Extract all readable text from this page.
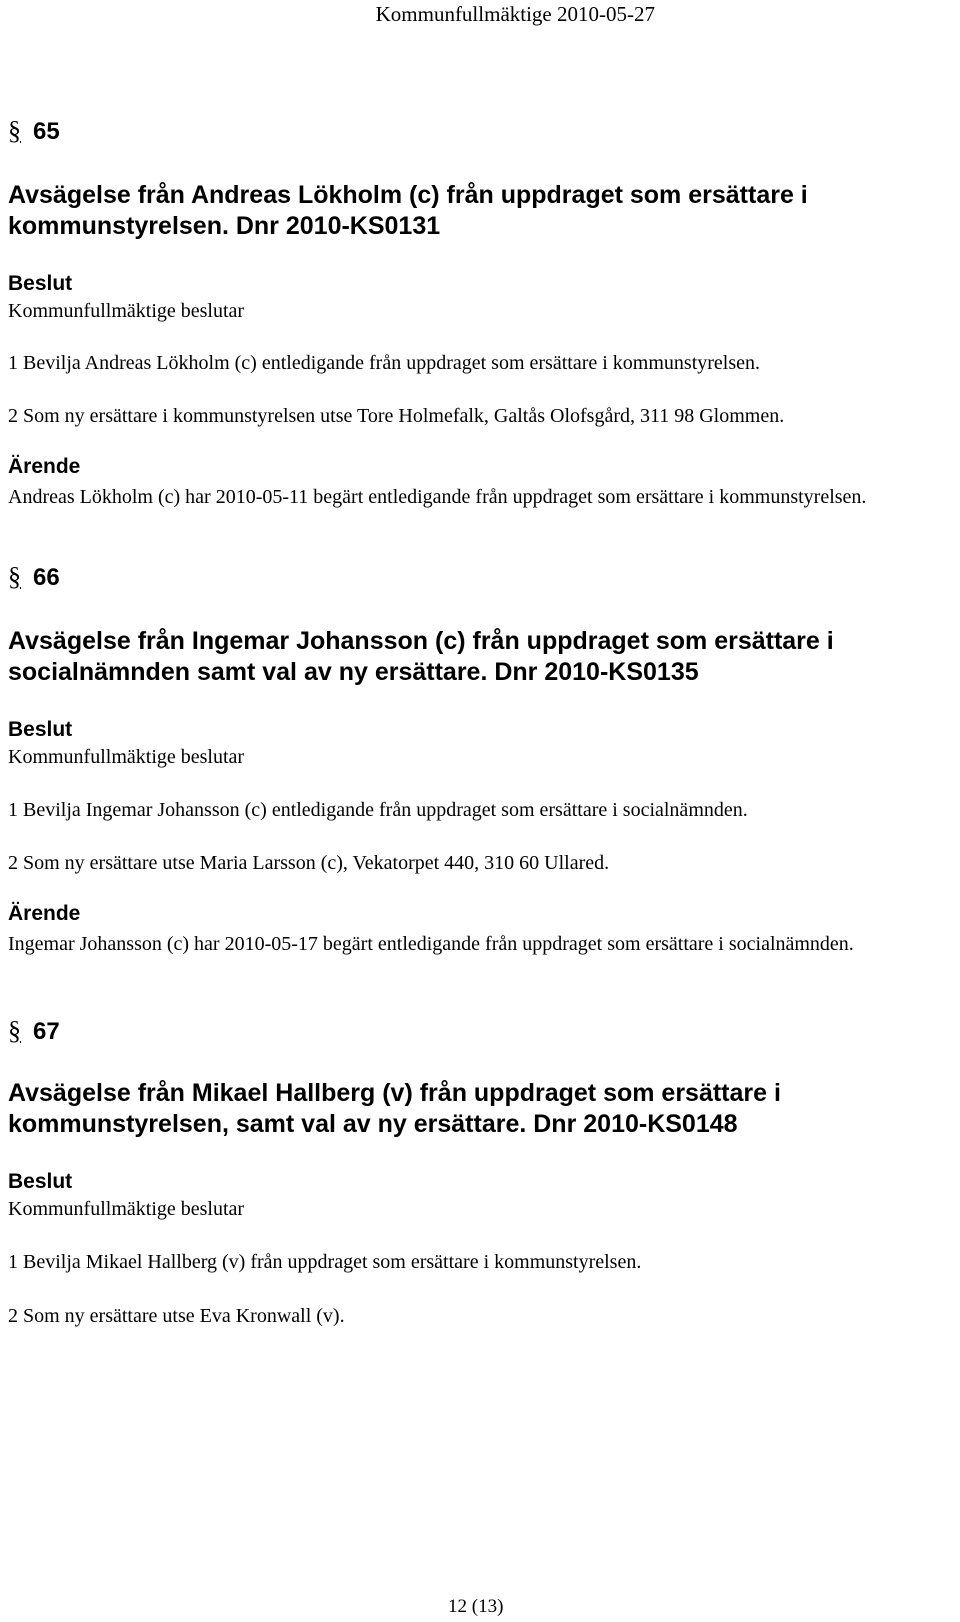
Kommunfullmäktige 2010-05-27
§ 65
Avsägelse från Andreas Lökholm (c) från uppdraget som ersättare i kommunstyrelsen. Dnr 2010-KS0131
Beslut
Kommunfullmäktige beslutar
1 Bevilja Andreas Lökholm (c) entledigande från uppdraget som ersättare i kommunstyrelsen.
2 Som ny ersättare i kommunstyrelsen utse Tore Holmefalk, Galtås Olofsgård, 311 98 Glommen.
Ärende
Andreas Lökholm (c) har 2010-05-11 begärt entledigande från uppdraget som ersättare i kommunstyrelsen.
§ 66
Avsägelse från Ingemar Johansson (c) från uppdraget som ersättare i socialnämnden samt val av ny ersättare. Dnr 2010-KS0135
Beslut
Kommunfullmäktige beslutar
1 Bevilja Ingemar Johansson (c) entledigande från uppdraget som ersättare i socialnämnden.
2 Som ny ersättare utse Maria Larsson (c), Vekatorpet 440, 310 60 Ullared.
Ärende
Ingemar Johansson (c) har 2010-05-17 begärt entledigande från uppdraget som ersättare i socialnämnden.
§ 67
Avsägelse från Mikael Hallberg (v) från uppdraget som ersättare i kommunstyrelsen, samt val av ny ersättare. Dnr 2010-KS0148
Beslut
Kommunfullmäktige beslutar
1 Bevilja Mikael Hallberg (v) från uppdraget som ersättare i kommunstyrelsen.
2 Som ny ersättare utse Eva Kronwall (v).
12 (13)
